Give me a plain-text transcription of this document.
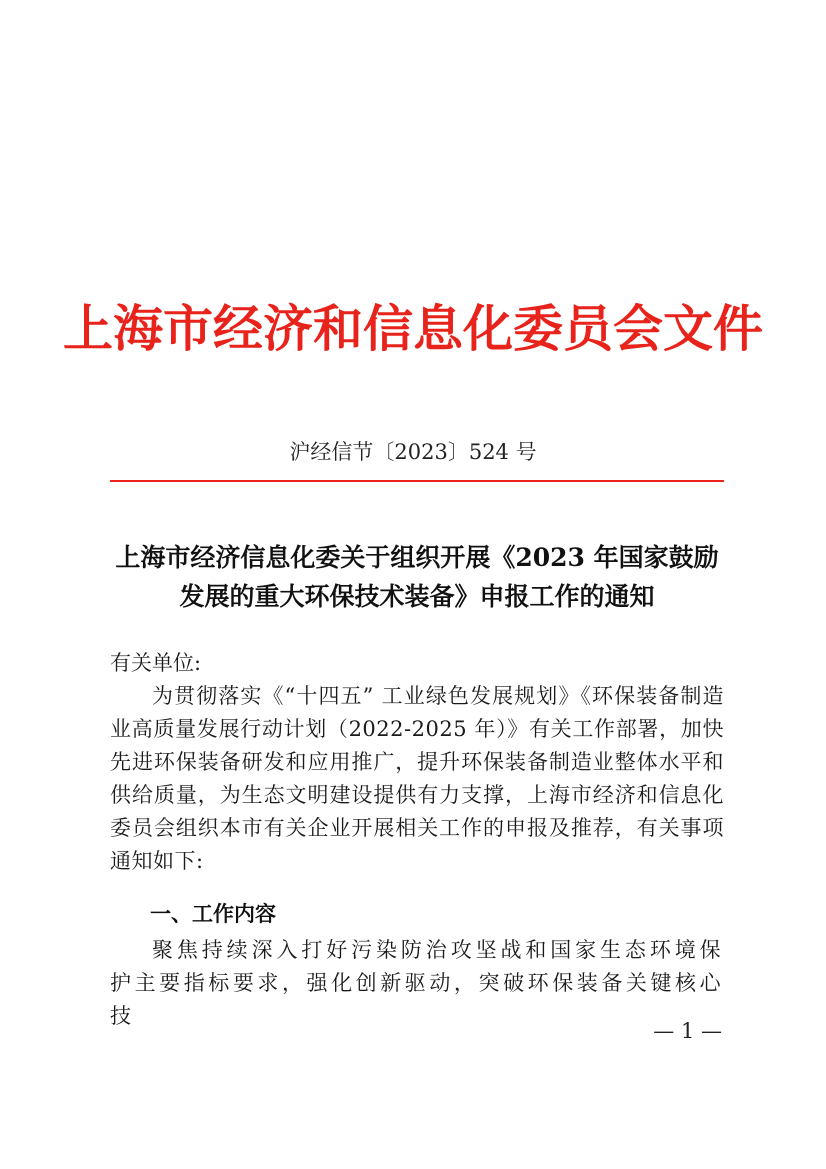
上海市经济和信息化委员会文件
沪经信节〔2023〕524 号
上海市经济信息化委关于组织开展《2023 年国家鼓励
发展的重大环保技术装备》申报工作的通知
有关单位:
为贯彻落实《“十四五” 工业绿色发展规划》《环保装备制造业高质量发展行动计划（2022-2025 年）》有关工作部署，加快先进环保装备研发和应用推广，提升环保装备制造业整体水平和供给质量，为生态文明建设提供有力支撑，上海市经济和信息化委员会组织本市有关企业开展相关工作的申报及推荐，有关事项通知如下:
一、工作内容
聚焦持续深入打好污染防治攻坚战和国家生态环境保护主要指标要求，强化创新驱动，突破环保装备关键核心技
— 1 —
